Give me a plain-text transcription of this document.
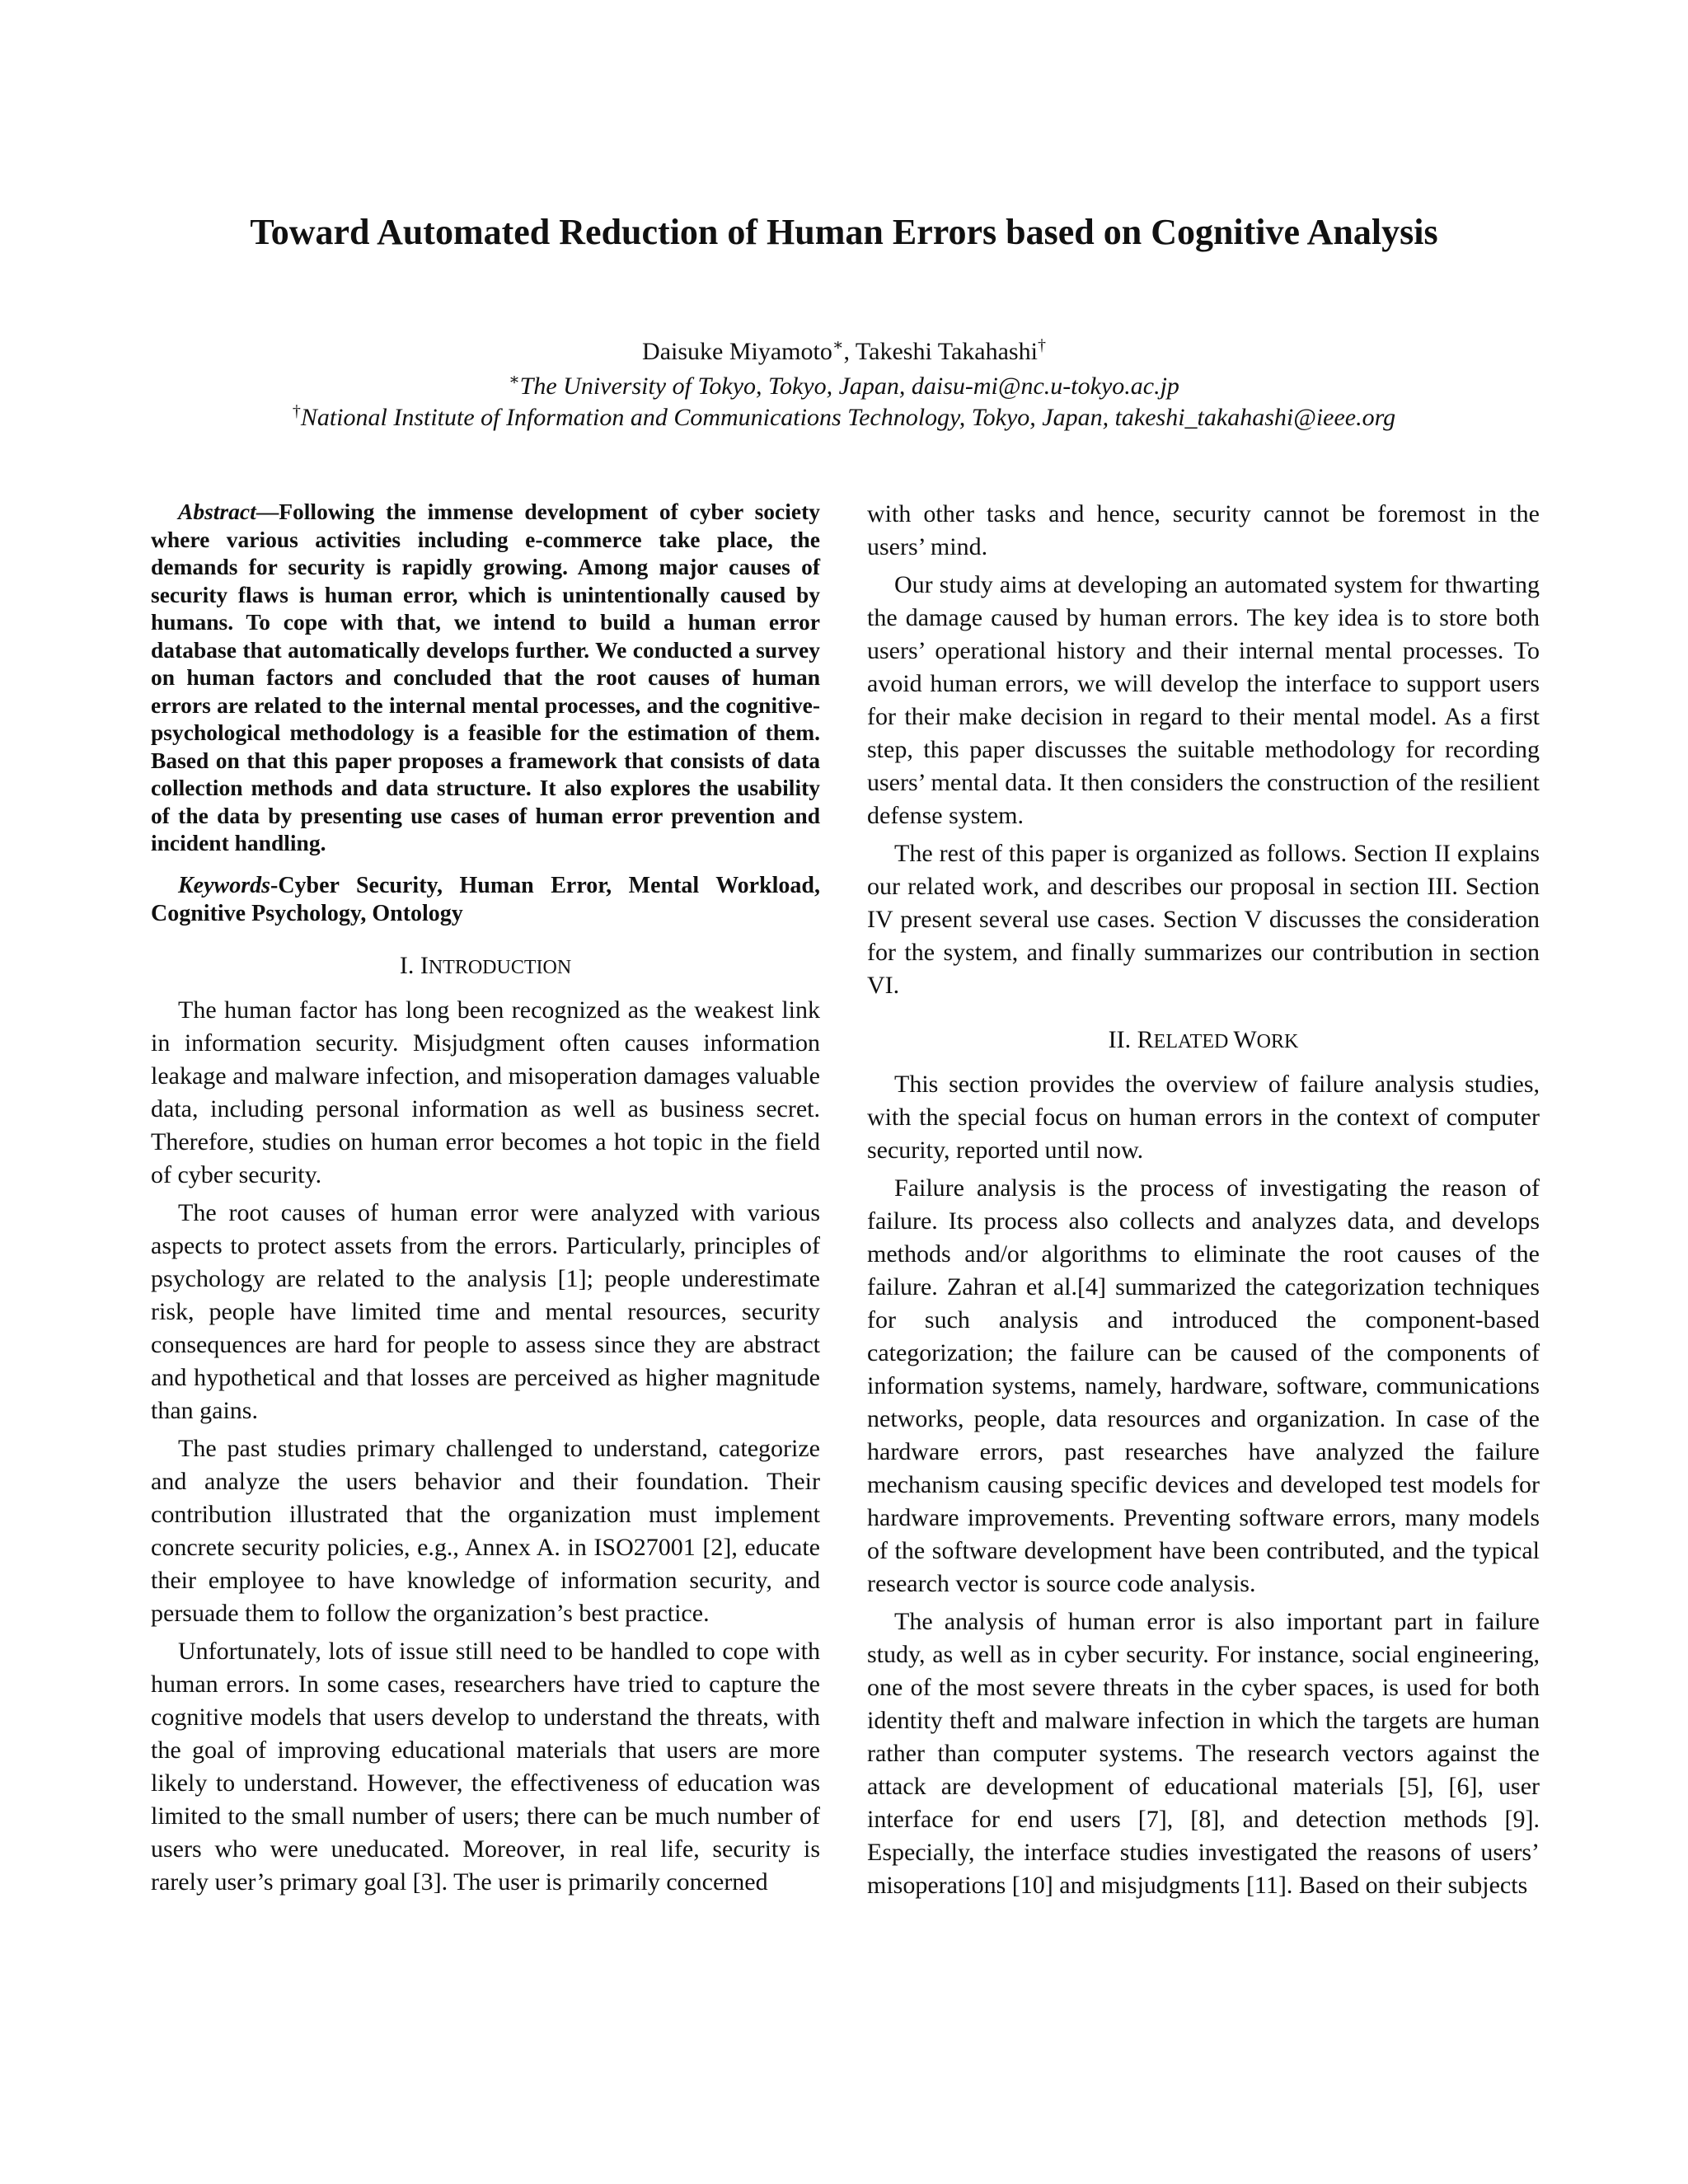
Toward Automated Reduction of Human Errors based on Cognitive Analysis
Daisuke Miyamoto∗, Takeshi Takahashi†
∗The University of Tokyo, Tokyo, Japan, daisu-mi@nc.u-tokyo.ac.jp
†National Institute of Information and Communications Technology, Tokyo, Japan, takeshi_takahashi@ieee.org

Abstract—Following the immense development of cyber society where various activities including e-commerce take place, the demands for security is rapidly growing. Among major causes of security flaws is human error, which is unintentionally caused by humans. To cope with that, we intend to build a human error database that automatically develops further. We conducted a survey on human factors and concluded that the root causes of human errors are related to the internal mental processes, and the cognitive-psychological methodology is a feasible for the estimation of them. Based on that this paper proposes a framework that consists of data collection methods and data structure. It also explores the usability of the data by presenting use cases of human error prevention and incident handling.

Keywords-Cyber Security, Human Error, Mental Workload, Cognitive Psychology, Ontology

I. INTRODUCTION

The human factor has long been recognized as the weakest link in information security. Misjudgment often causes information leakage and malware infection, and misoperation damages valuable data, including personal information as well as business secret. Therefore, studies on human error becomes a hot topic in the field of cyber security.

The root causes of human error were analyzed with various aspects to protect assets from the errors. Particularly, principles of psychology are related to the analysis [1]; people underestimate risk, people have limited time and mental resources, security consequences are hard for people to assess since they are abstract and hypothetical and that losses are perceived as higher magnitude than gains.

The past studies primary challenged to understand, categorize and analyze the users behavior and their foundation. Their contribution illustrated that the organization must implement concrete security policies, e.g., Annex A. in ISO27001 [2], educate their employee to have knowledge of information security, and persuade them to follow the organization’s best practice.

Unfortunately, lots of issue still need to be handled to cope with human errors. In some cases, researchers have tried to capture the cognitive models that users develop to understand the threats, with the goal of improving educational materials that users are more likely to understand. However, the effectiveness of education was limited to the small number of users; there can be much number of users who were uneducated. Moreover, in real life, security is rarely user’s primary goal [3]. The user is primarily concerned

with other tasks and hence, security cannot be foremost in the users’ mind.

Our study aims at developing an automated system for thwarting the damage caused by human errors. The key idea is to store both users’ operational history and their internal mental processes. To avoid human errors, we will develop the interface to support users for their make decision in regard to their mental model. As a first step, this paper discusses the suitable methodology for recording users’ mental data. It then considers the construction of the resilient defense system.

The rest of this paper is organized as follows. Section II explains our related work, and describes our proposal in section III. Section IV present several use cases. Section V discusses the consideration for the system, and finally summarizes our contribution in section VI.

II. RELATED WORK

This section provides the overview of failure analysis studies, with the special focus on human errors in the context of computer security, reported until now.

Failure analysis is the process of investigating the reason of failure. Its process also collects and analyzes data, and develops methods and/or algorithms to eliminate the root causes of the failure. Zahran et al.[4] summarized the categorization techniques for such analysis and introduced the component-based categorization; the failure can be caused of the components of information systems, namely, hardware, software, communications networks, people, data resources and organization. In case of the hardware errors, past researches have analyzed the failure mechanism causing specific devices and developed test models for hardware improvements. Preventing software errors, many models of the software development have been contributed, and the typical research vector is source code analysis.

The analysis of human error is also important part in failure study, as well as in cyber security. For instance, social engineering, one of the most severe threats in the cyber spaces, is used for both identity theft and malware infection in which the targets are human rather than computer systems. The research vectors against the attack are development of educational materials [5], [6], user interface for end users [7], [8], and detection methods [9]. Especially, the interface studies investigated the reasons of users’ misoperations [10] and misjudgments [11]. Based on their subjects
